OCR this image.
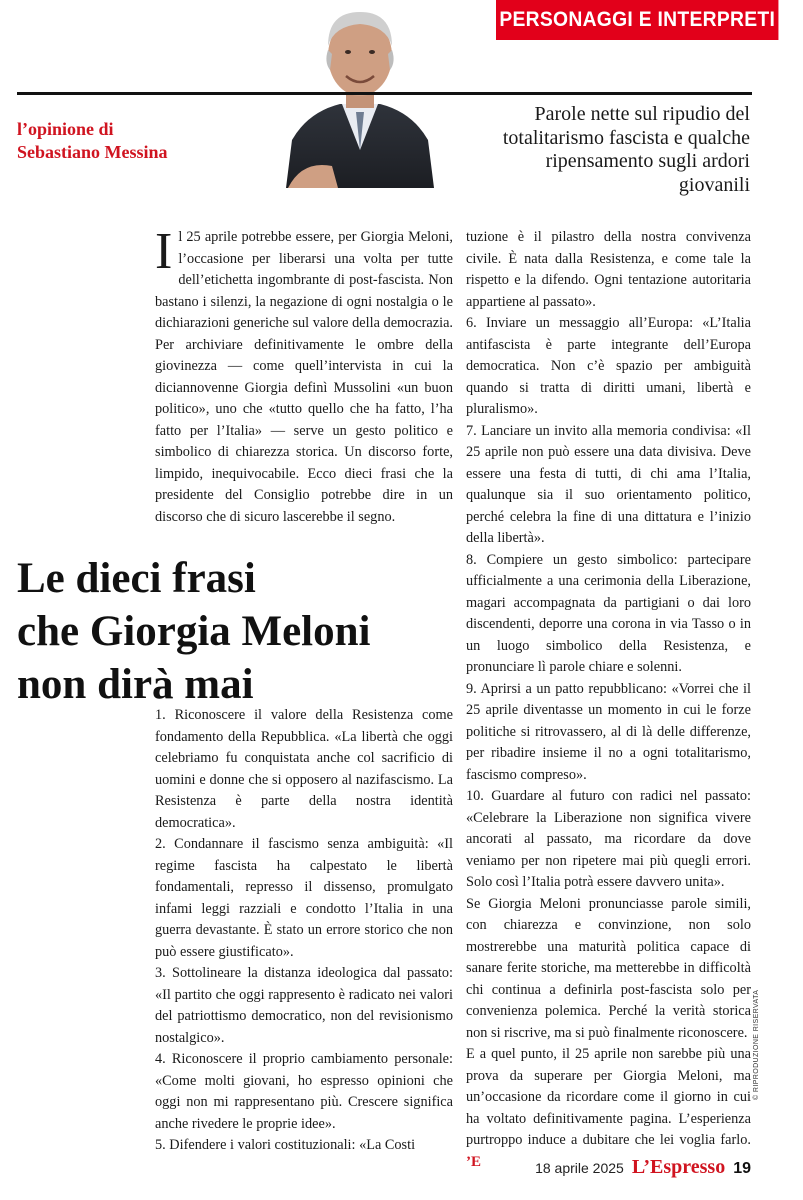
PERSONAGGI E INTERPRETI
l’opinione di
Sebastiano Messina
Parole nette sul ripudio del totalitarismo fascista e qualche ripensamento sugli ardori giovanili

Il 25 aprile potrebbe essere, per Giorgia Meloni, l’occasione per liberarsi una volta per tutte dell’etichetta ingombrante di post-fascista. Non bastano i silenzi, la negazione di ogni nostalgia o le dichiarazioni generiche sul valore della democrazia. Per archiviare definitivamente le ombre della giovinezza — come quell’intervista in cui la diciannovenne Giorgia definì Mussolini «un buon politico», uno che «tutto quello che ha fatto, l’ha fatto per l’Italia» — serve un gesto politico e simbolico di chiarezza storica. Un discorso forte, limpido, inequivocabile. Ecco dieci frasi che la presidente del Consiglio potrebbe dire in un discorso che di sicuro lascerebbe il segno.

Le dieci frasi
che Giorgia Meloni
non dirà mai

1. Riconoscere il valore della Resistenza come fondamento della Repubblica. «La libertà che oggi celebriamo fu conquistata anche col sacrificio di uomini e donne che si opposero al nazifascismo. La Resistenza è parte della nostra identità democratica».

2. Condannare il fascismo senza ambiguità: «Il regime fascista ha calpestato le libertà fondamentali, represso il dissenso, promulgato infami leggi razziali e condotto l’Italia in una guerra devastante. È stato un errore storico che non può essere giustificato».

3. Sottolineare la distanza ideologica dal passato: «Il partito che oggi rappresento è radicato nei valori del patriottismo democratico, non del revisionismo nostalgico».

4. Riconoscere il proprio cambiamento personale: «Come molti giovani, ho espresso opinioni che oggi non mi rappresentano più. Crescere significa anche rivedere le proprie idee».

5. Difendere i valori costituzionali: «La Costi

tuzione è il pilastro della nostra convivenza civile. È nata dalla Resistenza, e come tale la rispetto e la difendo. Ogni tentazione autoritaria appartiene al passato».

6. Inviare un messaggio all’Europa: «L’Italia antifascista è parte integrante dell’Europa democratica. Non c’è spazio per ambiguità quando si tratta di diritti umani, libertà e pluralismo».

7. Lanciare un invito alla memoria condivisa: «Il 25 aprile non può essere una data divisiva. Deve essere una festa di tutti, di chi ama l’Italia, qualunque sia il suo orientamento politico, perché celebra la fine di una dittatura e l’inizio della libertà».

8. Compiere un gesto simbolico: partecipare ufficialmente a una cerimonia della Liberazione, magari accompagnata da partigiani o dai loro discendenti, deporre una corona in via Tasso o in un luogo simbolico della Resistenza, e pronunciare lì parole chiare e solenni.

9. Aprirsi a un patto repubblicano: «Vorrei che il 25 aprile diventasse un momento in cui le forze politiche si ritrovassero, al di là delle differenze, per ribadire insieme il no a ogni totalitarismo, fascismo compreso».

10. Guardare al futuro con radici nel passato: «Celebrare la Liberazione non significa vivere ancorati al passato, ma ricordare da dove veniamo per non ripetere mai più quegli errori. Solo così l’Italia potrà essere davvero unita».

Se Giorgia Meloni pronunciasse parole simili, con chiarezza e convinzione, non solo mostrerebbe una maturità politica capace di sanare ferite storiche, ma metterebbe in difficoltà chi continua a definirla post-fascista solo per convenienza polemica. Perché la verità storica non si riscrive, ma si può finalmente riconoscere.

E a quel punto, il 25 aprile non sarebbe più una prova da superare per Giorgia Meloni, ma un’occasione da ricordare come il giorno in cui ha voltato definitivamente pagina. L’esperienza purtroppo induce a dubitare che lei voglia farlo. ’E

© RIPRODUZIONE RISERVATA
18 aprile 2025 L’Espresso 19
